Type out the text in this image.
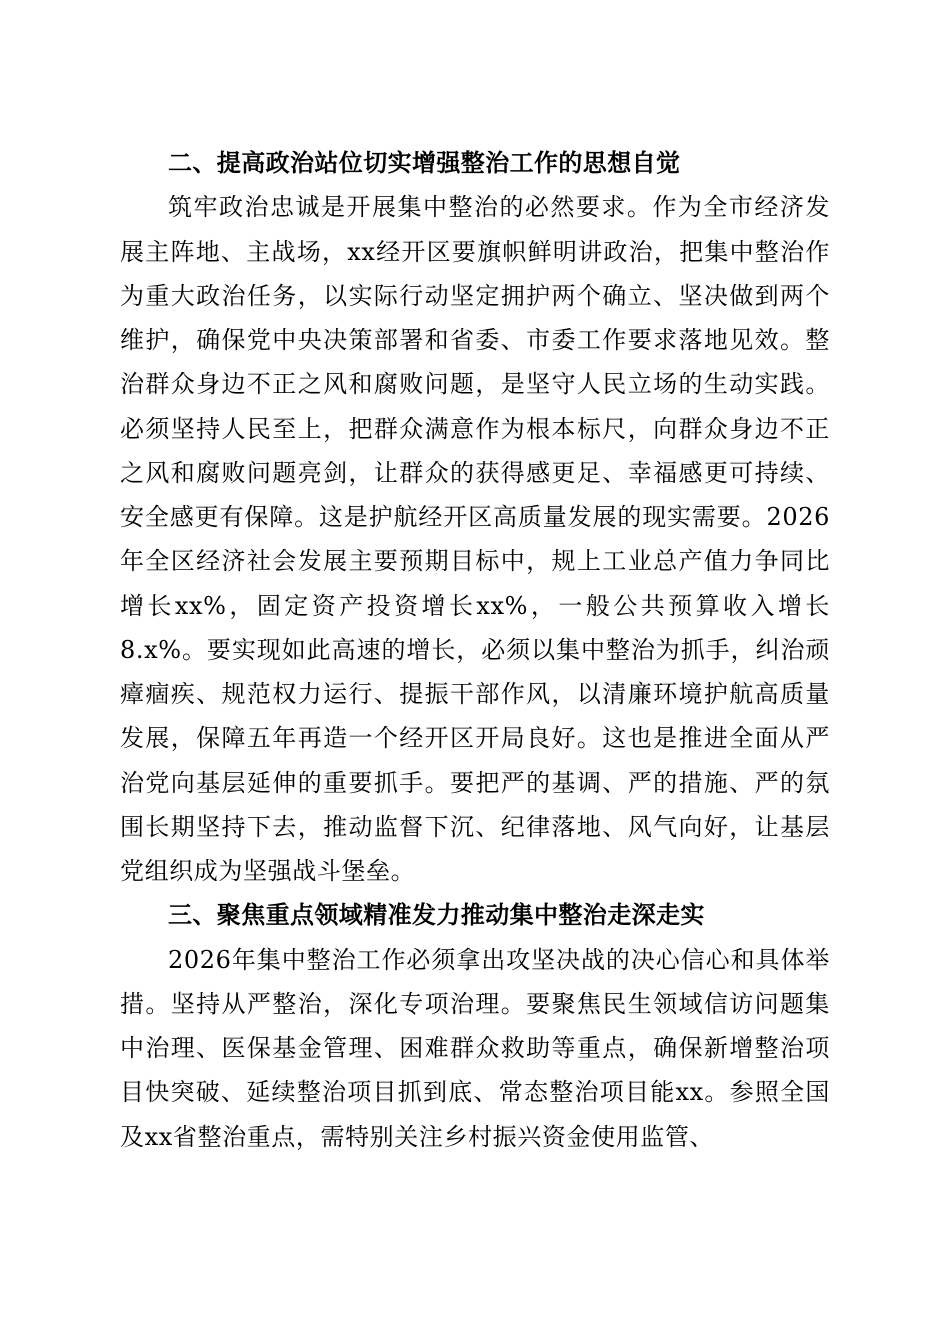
二、提高政治站位切实增强整治工作的思想自觉

筑牢政治忠诚是开展集中整治的必然要求。作为全市经济发展主阵地、主战场，xx经开区要旗帜鲜明讲政治，把集中整治作为重大政治任务，以实际行动坚定拥护两个确立、坚决做到两个维护，确保党中央决策部署和省委、市委工作要求落地见效。整治群众身边不正之风和腐败问题，是坚守人民立场的生动实践。必须坚持人民至上，把群众满意作为根本标尺，向群众身边不正之风和腐败问题亮剑，让群众的获得感更足、幸福感更可持续、安全感更有保障。这是护航经开区高质量发展的现实需要。2026年全区经济社会发展主要预期目标中，规上工业总产值力争同比增长xx%，固定资产投资增长xx%，一般公共预算收入增长8.x%。要实现如此高速的增长，必须以集中整治为抓手，纠治顽瘴痼疾、规范权力运行、提振干部作风，以清廉环境护航高质量发展，保障五年再造一个经开区开局良好。这也是推进全面从严治党向基层延伸的重要抓手。要把严的基调、严的措施、严的氛围长期坚持下去，推动监督下沉、纪律落地、风气向好，让基层党组织成为坚强战斗堡垒。

三、聚焦重点领域精准发力推动集中整治走深走实

2026年集中整治工作必须拿出攻坚决战的决心信心和具体举措。坚持从严整治，深化专项治理。要聚焦民生领域信访问题集中治理、医保基金管理、困难群众救助等重点，确保新增整治项目快突破、延续整治项目抓到底、常态整治项目能xx。参照全国及xx省整治重点，需特别关注乡村振兴资金使用监管、
